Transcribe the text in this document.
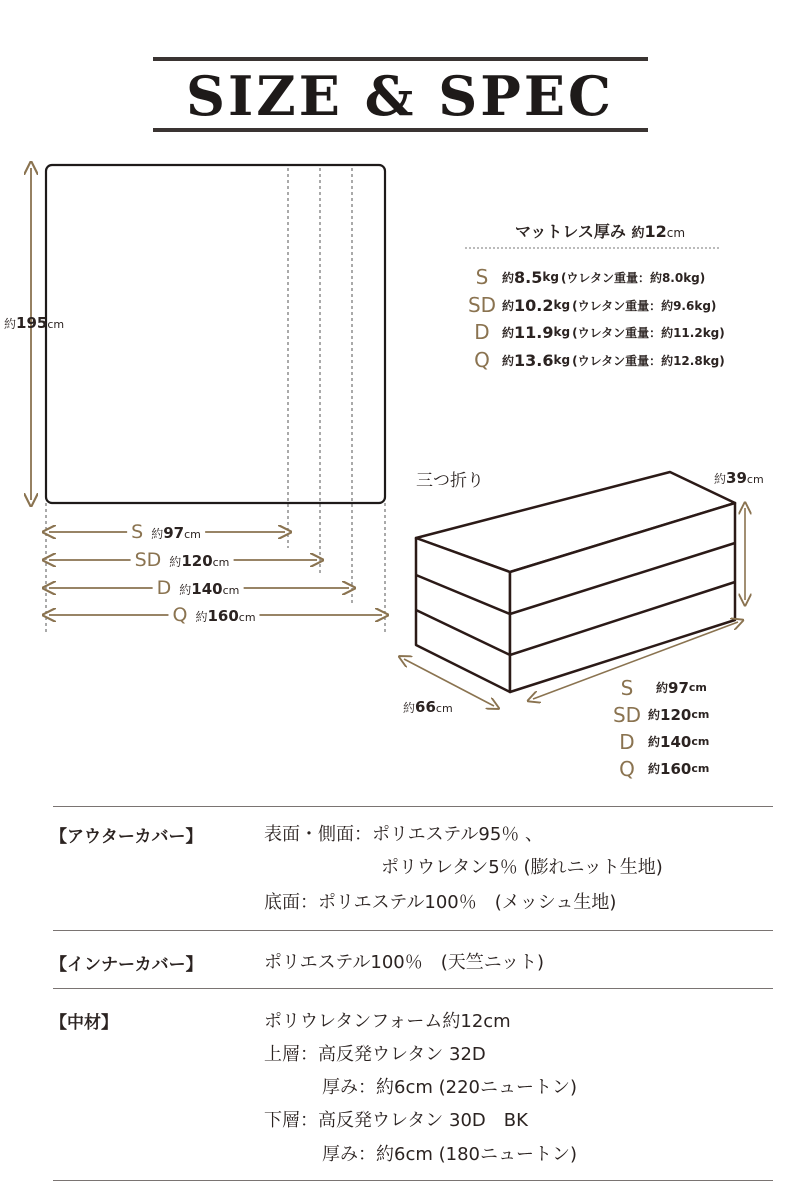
SIZE & SPEC
約195cm
S約97cm
SD 約120cm
D約140cm
Q約160cm
マットレス厚み 約12cm
S	約 8.5 kg (ウレタン重量：約8.0kg)
SD 約 10.2 kg (ウレタン重量：約9.6kg)
D	約 11.9 kg (ウレタン重量：約11.2kg)
Q	約 13.6 kg (ウレタン重量：約12.8kg)
三つ折り	約39cm
約66cm
S	約 97 cm
SD 約 120 cm
D	約 140 cm
Q	約 160 cm
【アウターカバー】	表面・側面：ポリエステル95％ 、
ポリウレタン5％ (膨れニット生地)
底面：ポリエステル100％　(メッシュ生地)
【インナーカバー】	ポリエステル100％　(天竺ニット)
【中材】	ポリウレタンフォーム約12cm
上層：高反発ウレタン 32D
厚み：約6cm (220ニュートン)
下層：高反発ウレタン 30D　BK
厚み：約6cm (180ニュートン)
